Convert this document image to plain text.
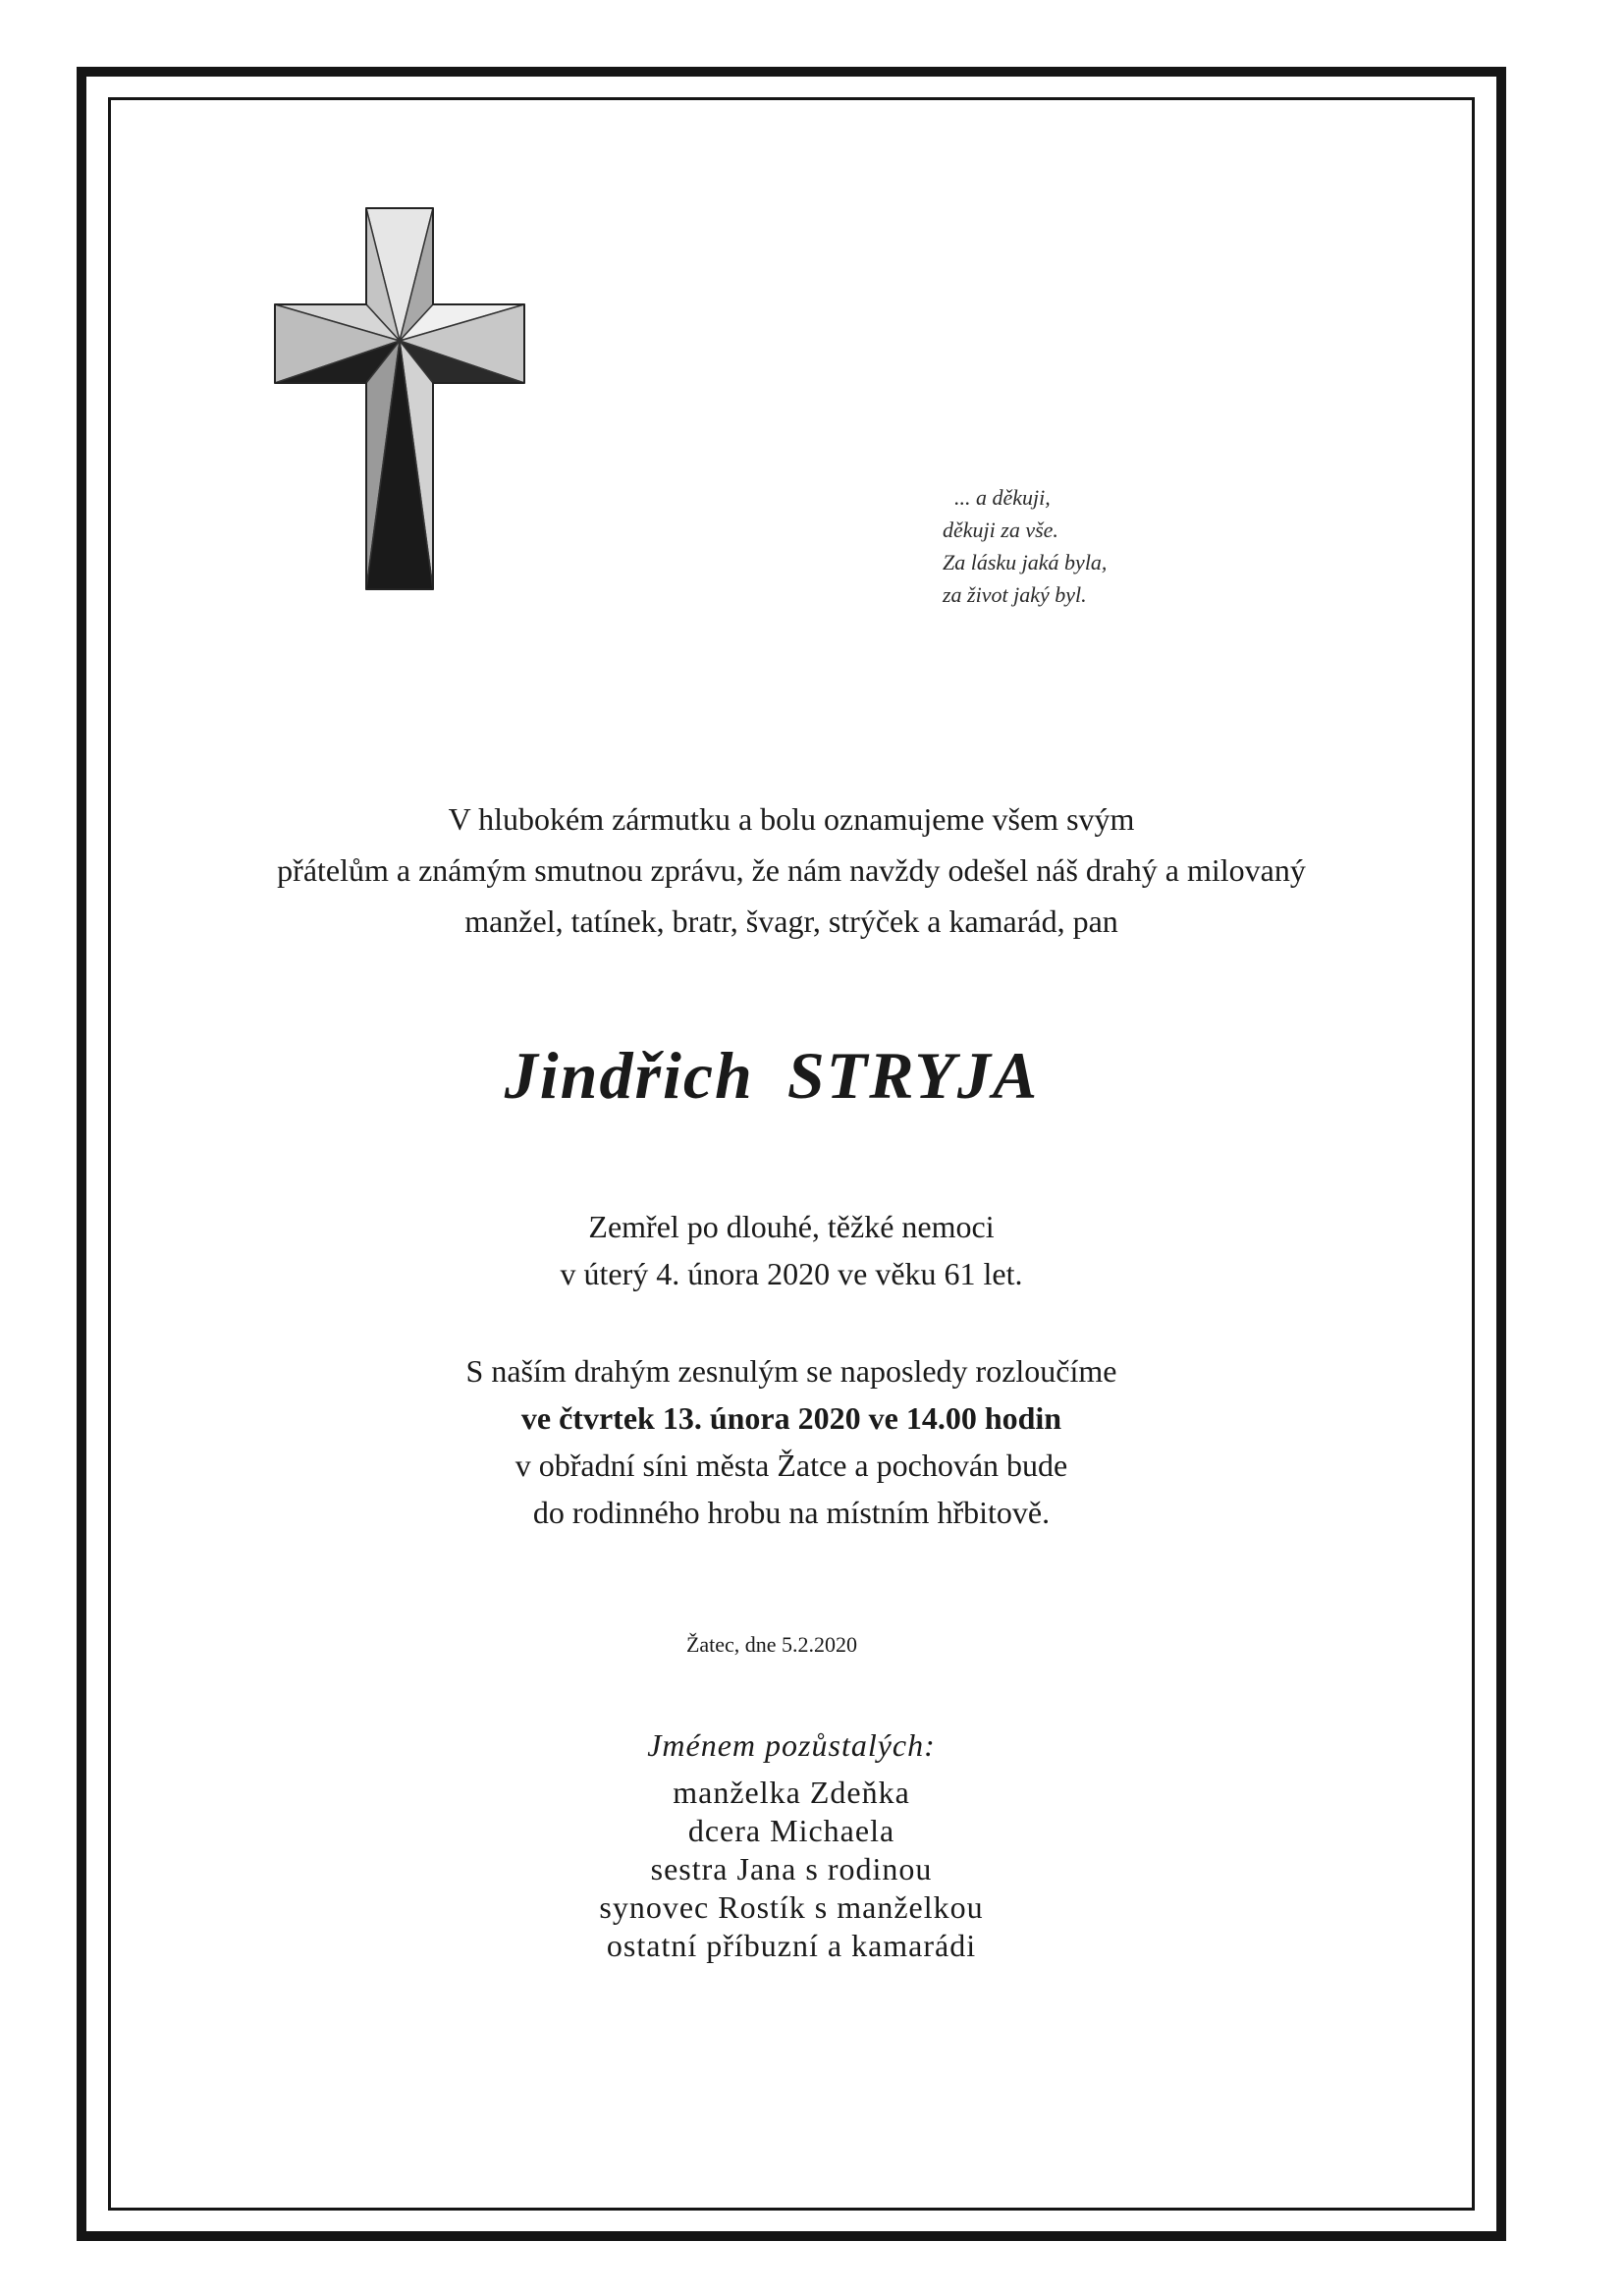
... a děkuji,
děkuji za vše.
Za lásku jaká byla,
za život jaký byl.
V hlubokém zármutku a bolu oznamujeme všem svým
přátelům a známým smutnou zprávu, že nám navždy odešel náš drahý a milovaný
manžel, tatínek, bratr, švagr, strýček a kamarád, pan
Jindřich STRYJA
Zemřel po dlouhé, těžké nemoci
v úterý 4. února 2020 ve věku 61 let.
S naším drahým zesnulým se naposledy rozloučíme
ve čtvrtek 13. února 2020 ve 14.00 hodin
v obřadní síni města Žatce a pochován bude
do rodinného hrobu na místním hřbitově.
Žatec, dne 5.2.2020
Jménem pozůstalých:
manželka Zdeňka
dcera Michaela
sestra Jana s rodinou
synovec Rostík s manželkou
ostatní příbuzní a kamarádi
